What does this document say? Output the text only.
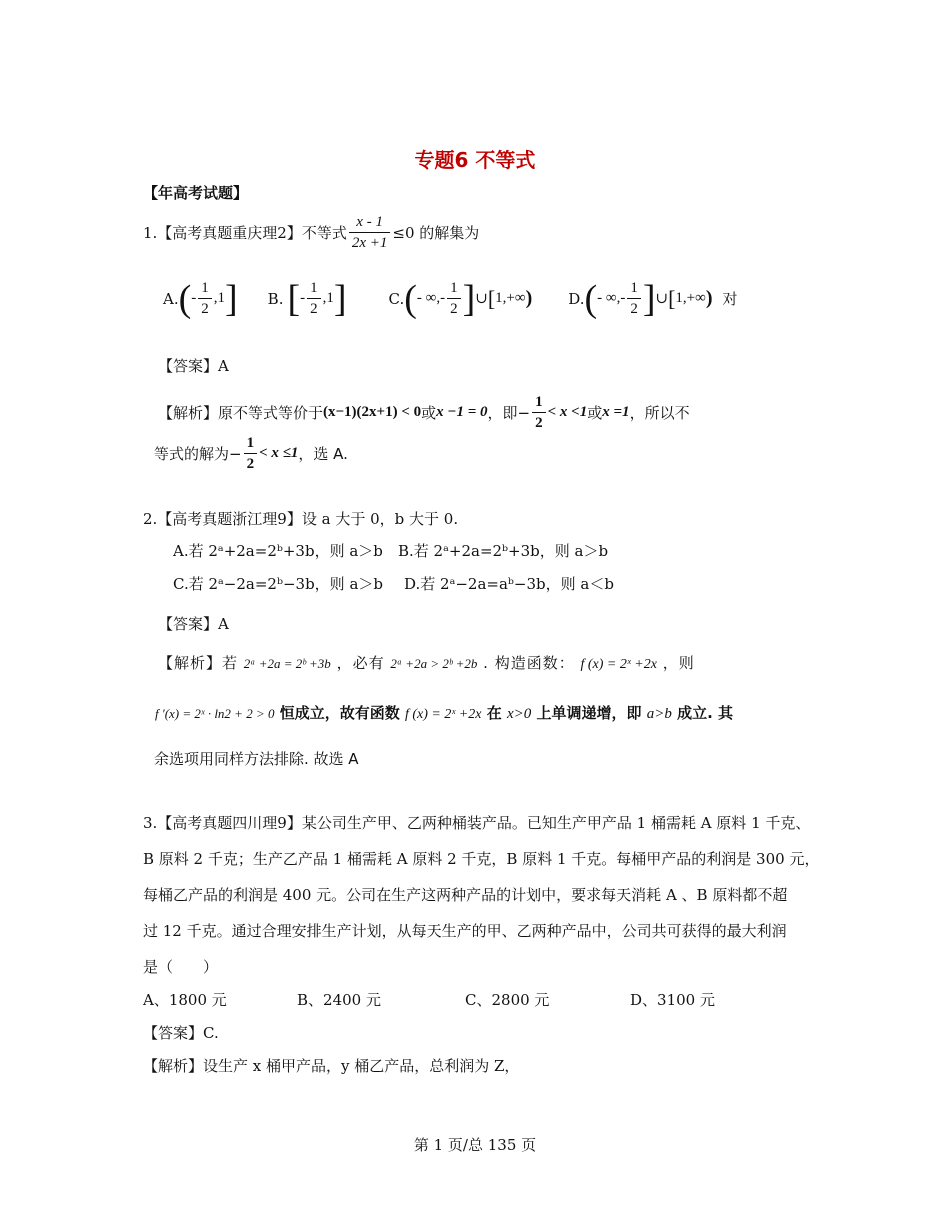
专题6 不等式
【年高考试题】
1.【高考真题重庆理2】不等式 $\frac{x - 1}{2x +1} \le 0$ 的解集为
A. ( - $\frac{1}{2} ,1$ ] B. [ - $\frac{1}{2} ,1$ ]	C. ( - ∞,- $\frac{1}{2}$ ] ∪ [ 1,+∞ ) D. ( - ∞,- $\frac{1}{2}$ ] ∪ [ 1,+∞ ) 对
【答案】A
【解析】原不等式等价于 (x−1)(2x+1) < 0 或 x −1 = 0 ，即− $\frac{1}{2} < x <1$ 或 x =1 ，所以不
等式的解为− $\frac{1}{2} < x \le 1$ ，选 A.
2.【高考真题浙江理9】设 a 大于 0，b 大于 0.
A.若 2ᵃ+2a=2ᵇ+3b，则 a＞b B.若 2ᵃ+2a=2ᵇ+3b，则 a＞b
C.若 2ᵃ−2a=2ᵇ−3b，则 a＞b D.若 2ᵃ−2a=aᵇ−3b，则 a＜b
【答案】A
【解析】若 2ᵃ +2a = 2ᵇ +3b ，必有 2ᵃ +2a > 2ᵇ +2b . 构造函数： f (x) = 2ˣ +2x ，则
f ′(x) = 2ˣ · ln2 + 2 > 0 恒成立，故有函数 f (x) = 2ˣ +2x 在 x>0 上单调递增，即 a>b 成立. 其
余选项用同样方法排除. 故选 A
3.【高考真题四川理9】某公司生产甲、乙两种桶装产品。已知生产甲产品 1 桶需耗 A 原料 1 千克、
B 原料 2 千克；生产乙产品 1 桶需耗 A 原料 2 千克，B 原料 1 千克。每桶甲产品的利润是 300 元，
每桶乙产品的利润是 400 元。公司在生产这两种产品的计划中，要求每天消耗 A 、B 原料都不超
过 12 千克。通过合理安排生产计划，从每天生产的甲、乙两种产品中，公司共可获得的最大利润
是（　　）
A、1800 元	B、2400 元	C、2800 元	D、3100 元
【答案】C.
【解析】设生产 x 桶甲产品，y 桶乙产品，总利润为 Z，
第 1 页/总 135 页
